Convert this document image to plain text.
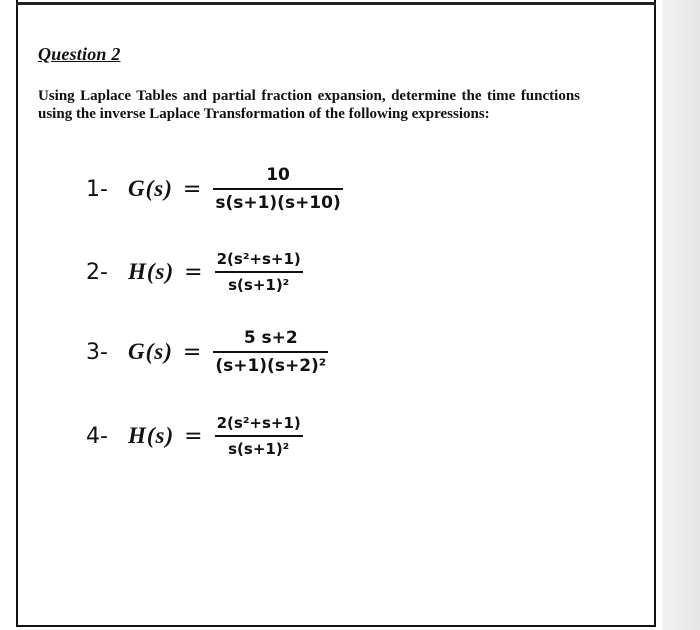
Question 2
Using Laplace Tables and partial fraction expansion, determine the time functions using the inverse Laplace Transformation of the following expressions:
1- $G(s) = \frac{10}{s(s+1)(s+10)}$
2- $H(s) = \frac{\text{2(s²+s+1)}}{\text{s(s+1)²}}$
3- $G(s) = \frac{5 s+2}{\text{(s+1)(s+2)²}}$
4- $H(s) = \frac{\text{2(s²+s+1)}}{\text{s(s+1)²}}$
